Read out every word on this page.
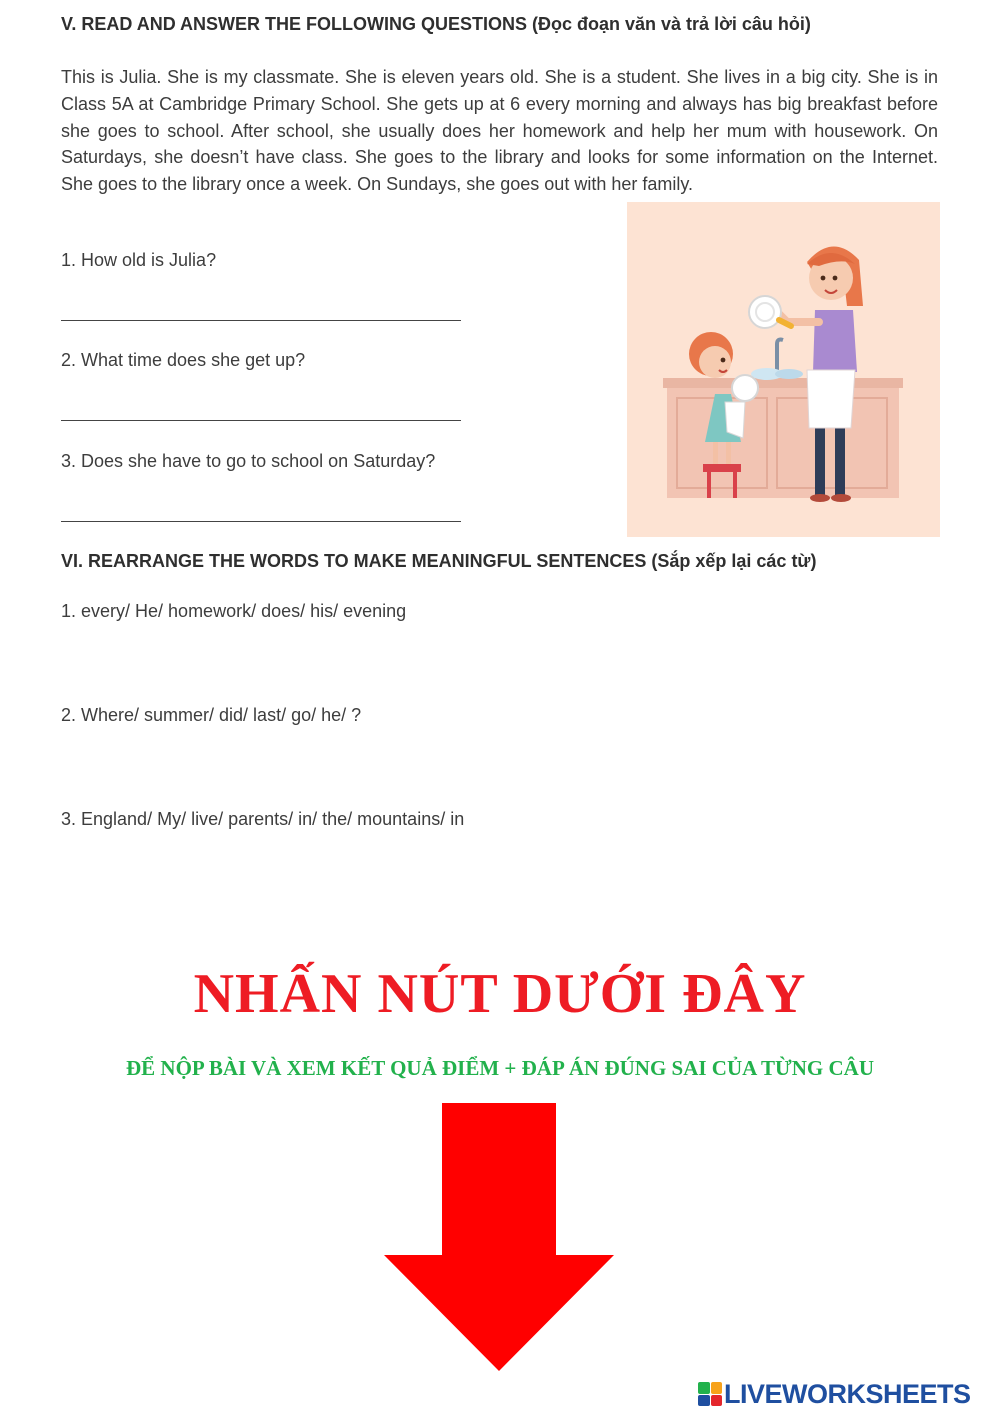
V. READ AND ANSWER THE FOLLOWING QUESTIONS (Đọc đoạn văn và trả lời câu hỏi)
This is Julia. She is my classmate. She is eleven years old. She is a student. She lives in a big city. She is in Class 5A at Cambridge Primary School. She gets up at 6 every morning and always has big breakfast before she goes to school. After school, she usually does her homework and help her mum with housework. On Saturdays, she doesn’t have class. She goes to the library and looks for some information on the Internet. She goes to the library once a week. On Sundays, she goes out with her family.
1. How old is Julia?
2. What time does she get up?
3. Does she have to go to school on Saturday?
VI. REARRANGE THE WORDS TO MAKE MEANINGFUL SENTENCES (Sắp xếp lại các từ)
1. every/ He/ homework/ does/ his/ evening
2. Where/ summer/ did/ last/ go/ he/ ?
3. England/ My/ live/ parents/ in/ the/ mountains/ in
NHẤN NÚT DƯỚI ĐÂY
ĐỂ NỘP BÀI VÀ XEM KẾT QUẢ ĐIỂM + ĐÁP ÁN ĐÚNG SAI CỦA TỪNG CÂU
LIVEWORKSHEETS
